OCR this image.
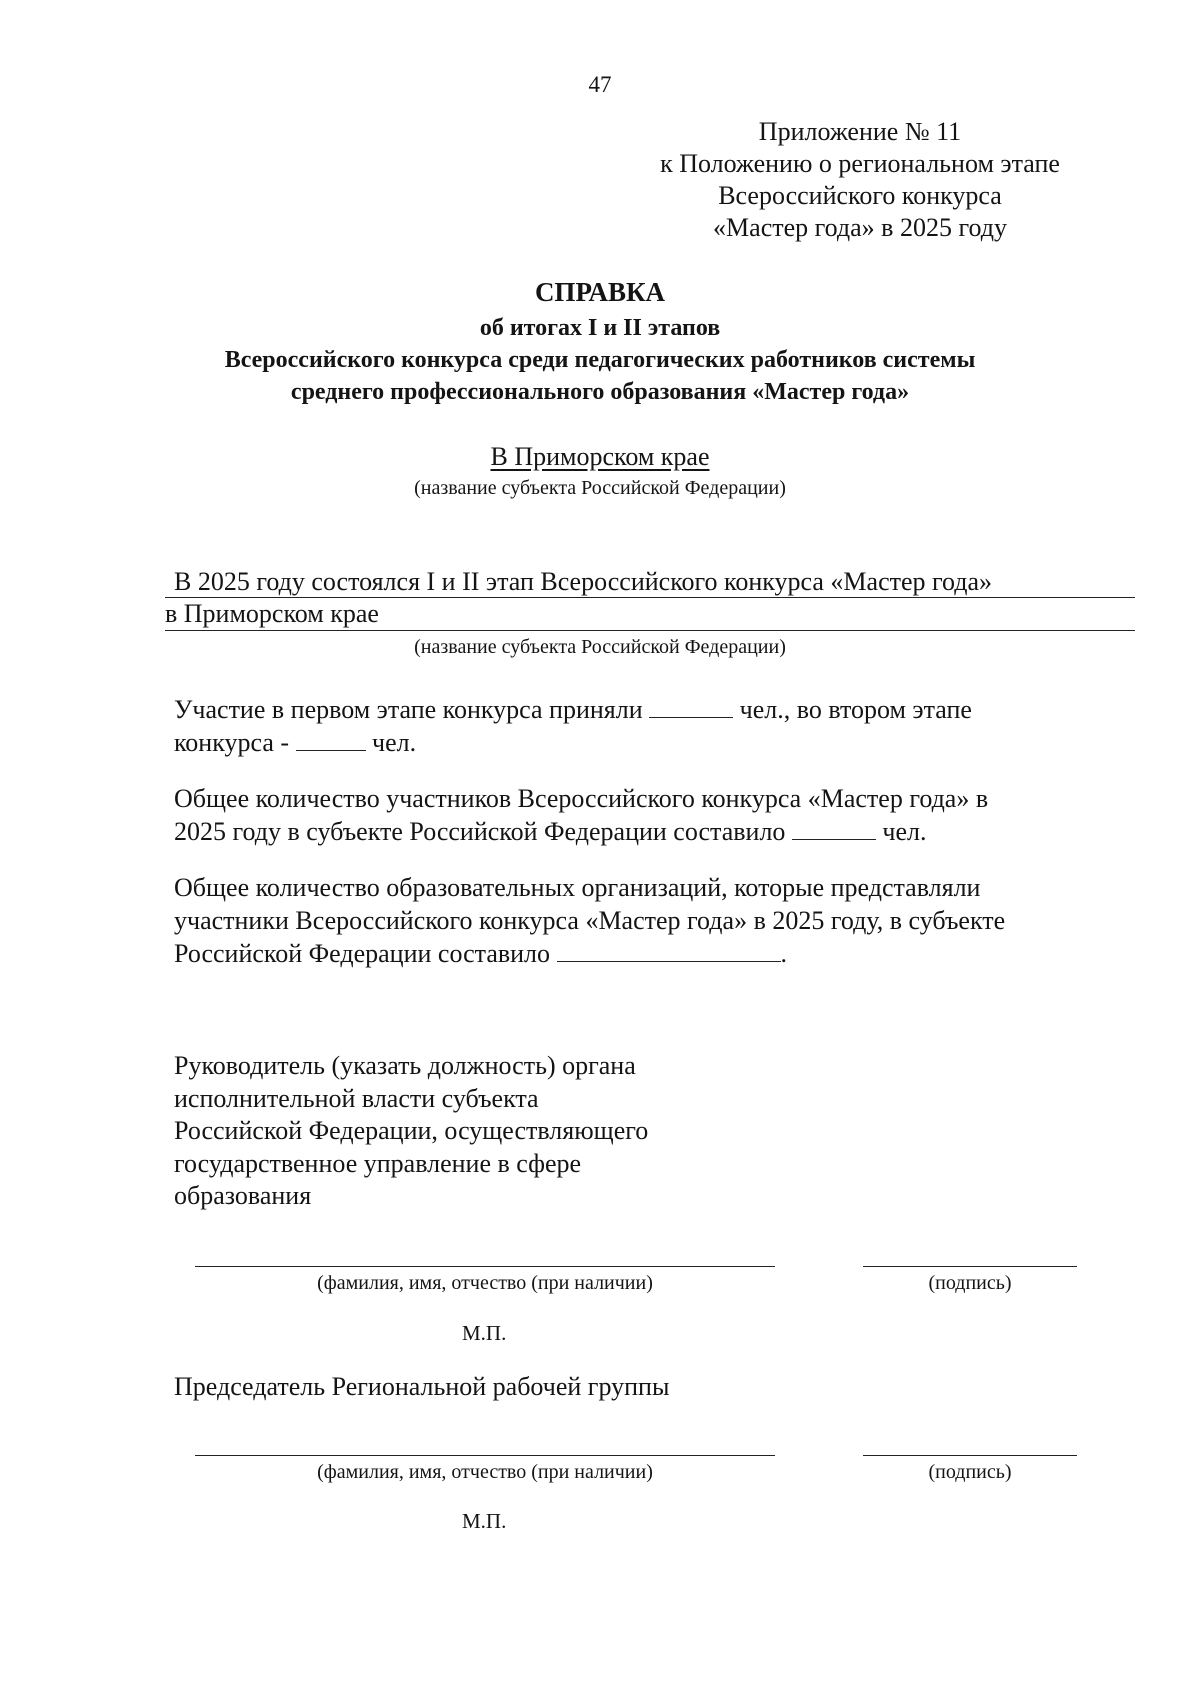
47
Приложение № 11
к Положению о региональном этапе
Всероссийского конкурса
«Мастер года» в 2025 году
СПРАВКА
об итогах I и II этапов
Всероссийского конкурса среди педагогических работников системы
среднего профессионального образования «Мастер года»
В Приморском крае
(название субъекта Российской Федерации)
В 2025 году состоялся I и II этап Всероссийского конкурса «Мастер года»
в Приморском крае
(название субъекта Российской Федерации)
Участие в первом этапе конкурса приняли	чел., во втором этапе
конкурса -	чел.
Общее количество участников Всероссийского конкурса «Мастер года» в
2025 году в субъекте Российской Федерации составило	чел.
Общее количество образовательных организаций, которые представляли
участники Всероссийского конкурса «Мастер года» в 2025 году, в субъекте
Российской Федерации составило	.
Руководитель (указать должность) органа
исполнительной власти субъекта
Российской Федерации, осуществляющего
государственное управление в сфере
образования
(фамилия, имя, отчество (при наличии)	(подпись)
М.П.
Председатель Региональной рабочей группы
(фамилия, имя, отчество (при наличии)	(подпись)
М.П.
